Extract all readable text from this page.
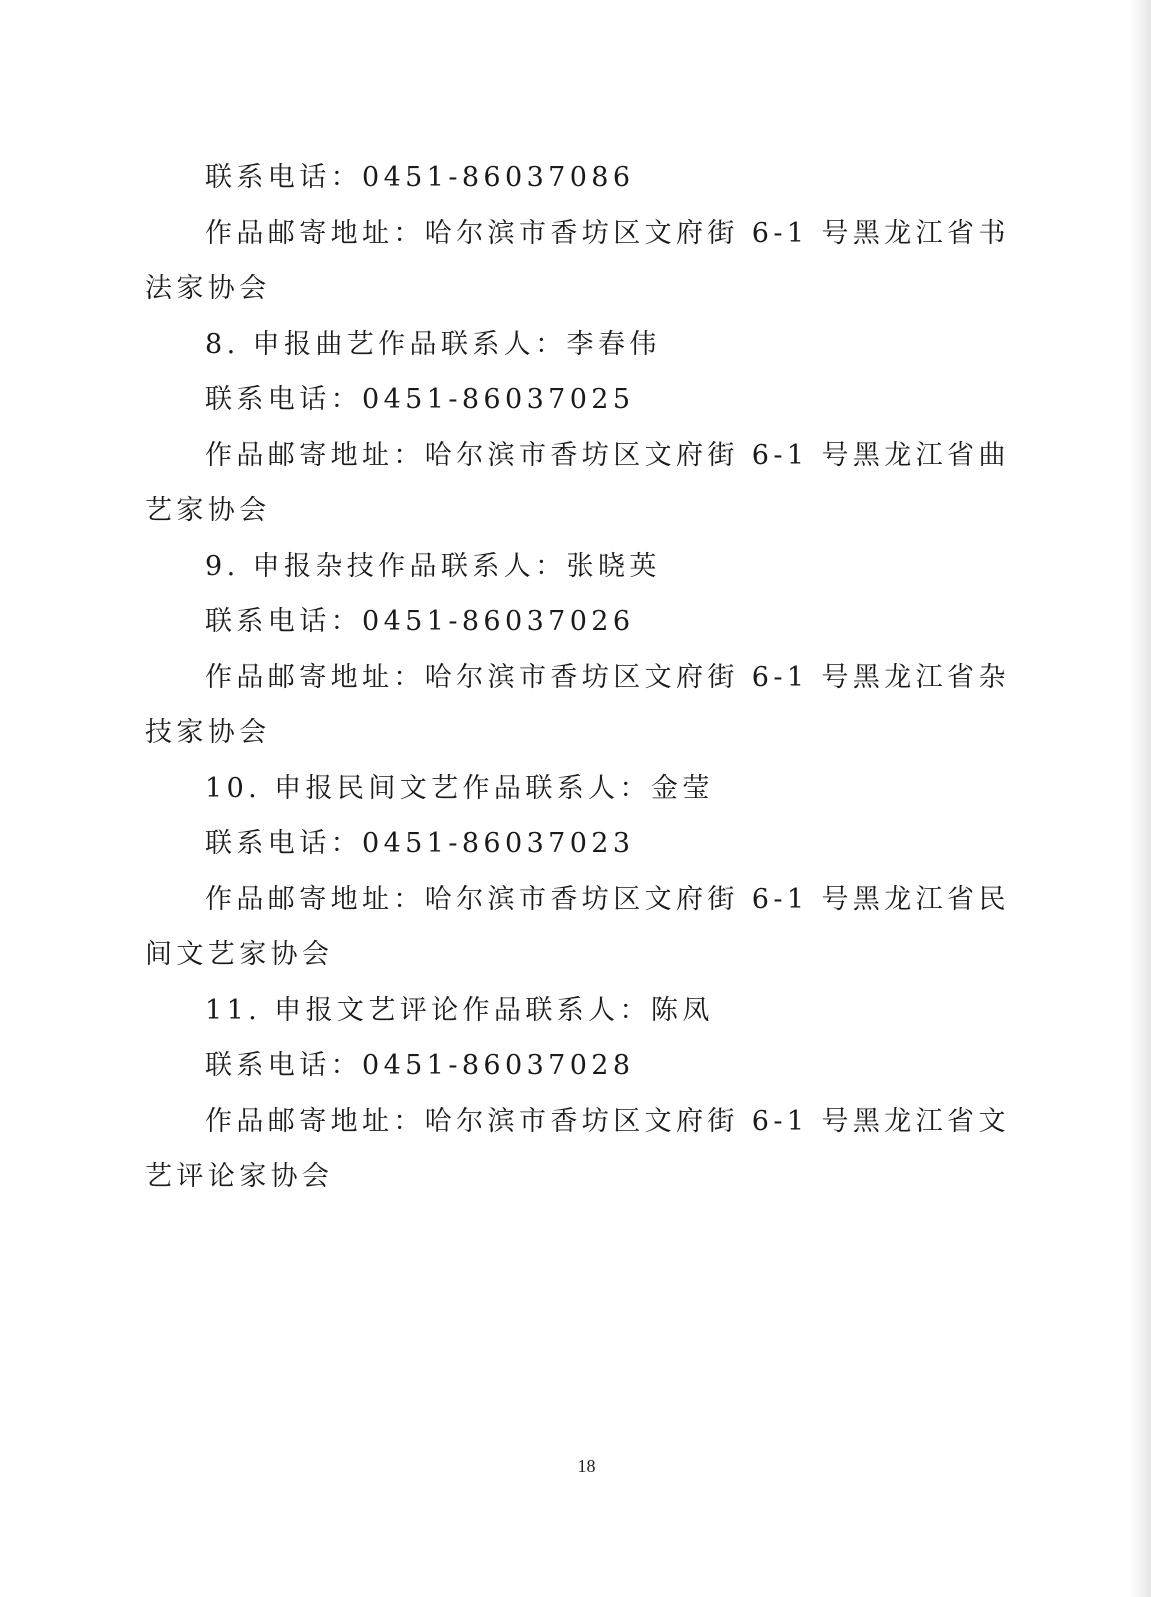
联系电话：0451-86037086
作品邮寄地址：哈尔滨市香坊区文府街 6-1 号黑龙江省书
法家协会
8. 申报曲艺作品联系人：李春伟
联系电话：0451-86037025
作品邮寄地址：哈尔滨市香坊区文府街 6-1 号黑龙江省曲
艺家协会
9. 申报杂技作品联系人：张晓英
联系电话：0451-86037026
作品邮寄地址：哈尔滨市香坊区文府街 6-1 号黑龙江省杂
技家协会
10. 申报民间文艺作品联系人：金莹
联系电话：0451-86037023
作品邮寄地址：哈尔滨市香坊区文府街 6-1 号黑龙江省民
间文艺家协会
11. 申报文艺评论作品联系人：陈凤
联系电话：0451-86037028
作品邮寄地址：哈尔滨市香坊区文府街 6-1 号黑龙江省文
艺评论家协会
18
